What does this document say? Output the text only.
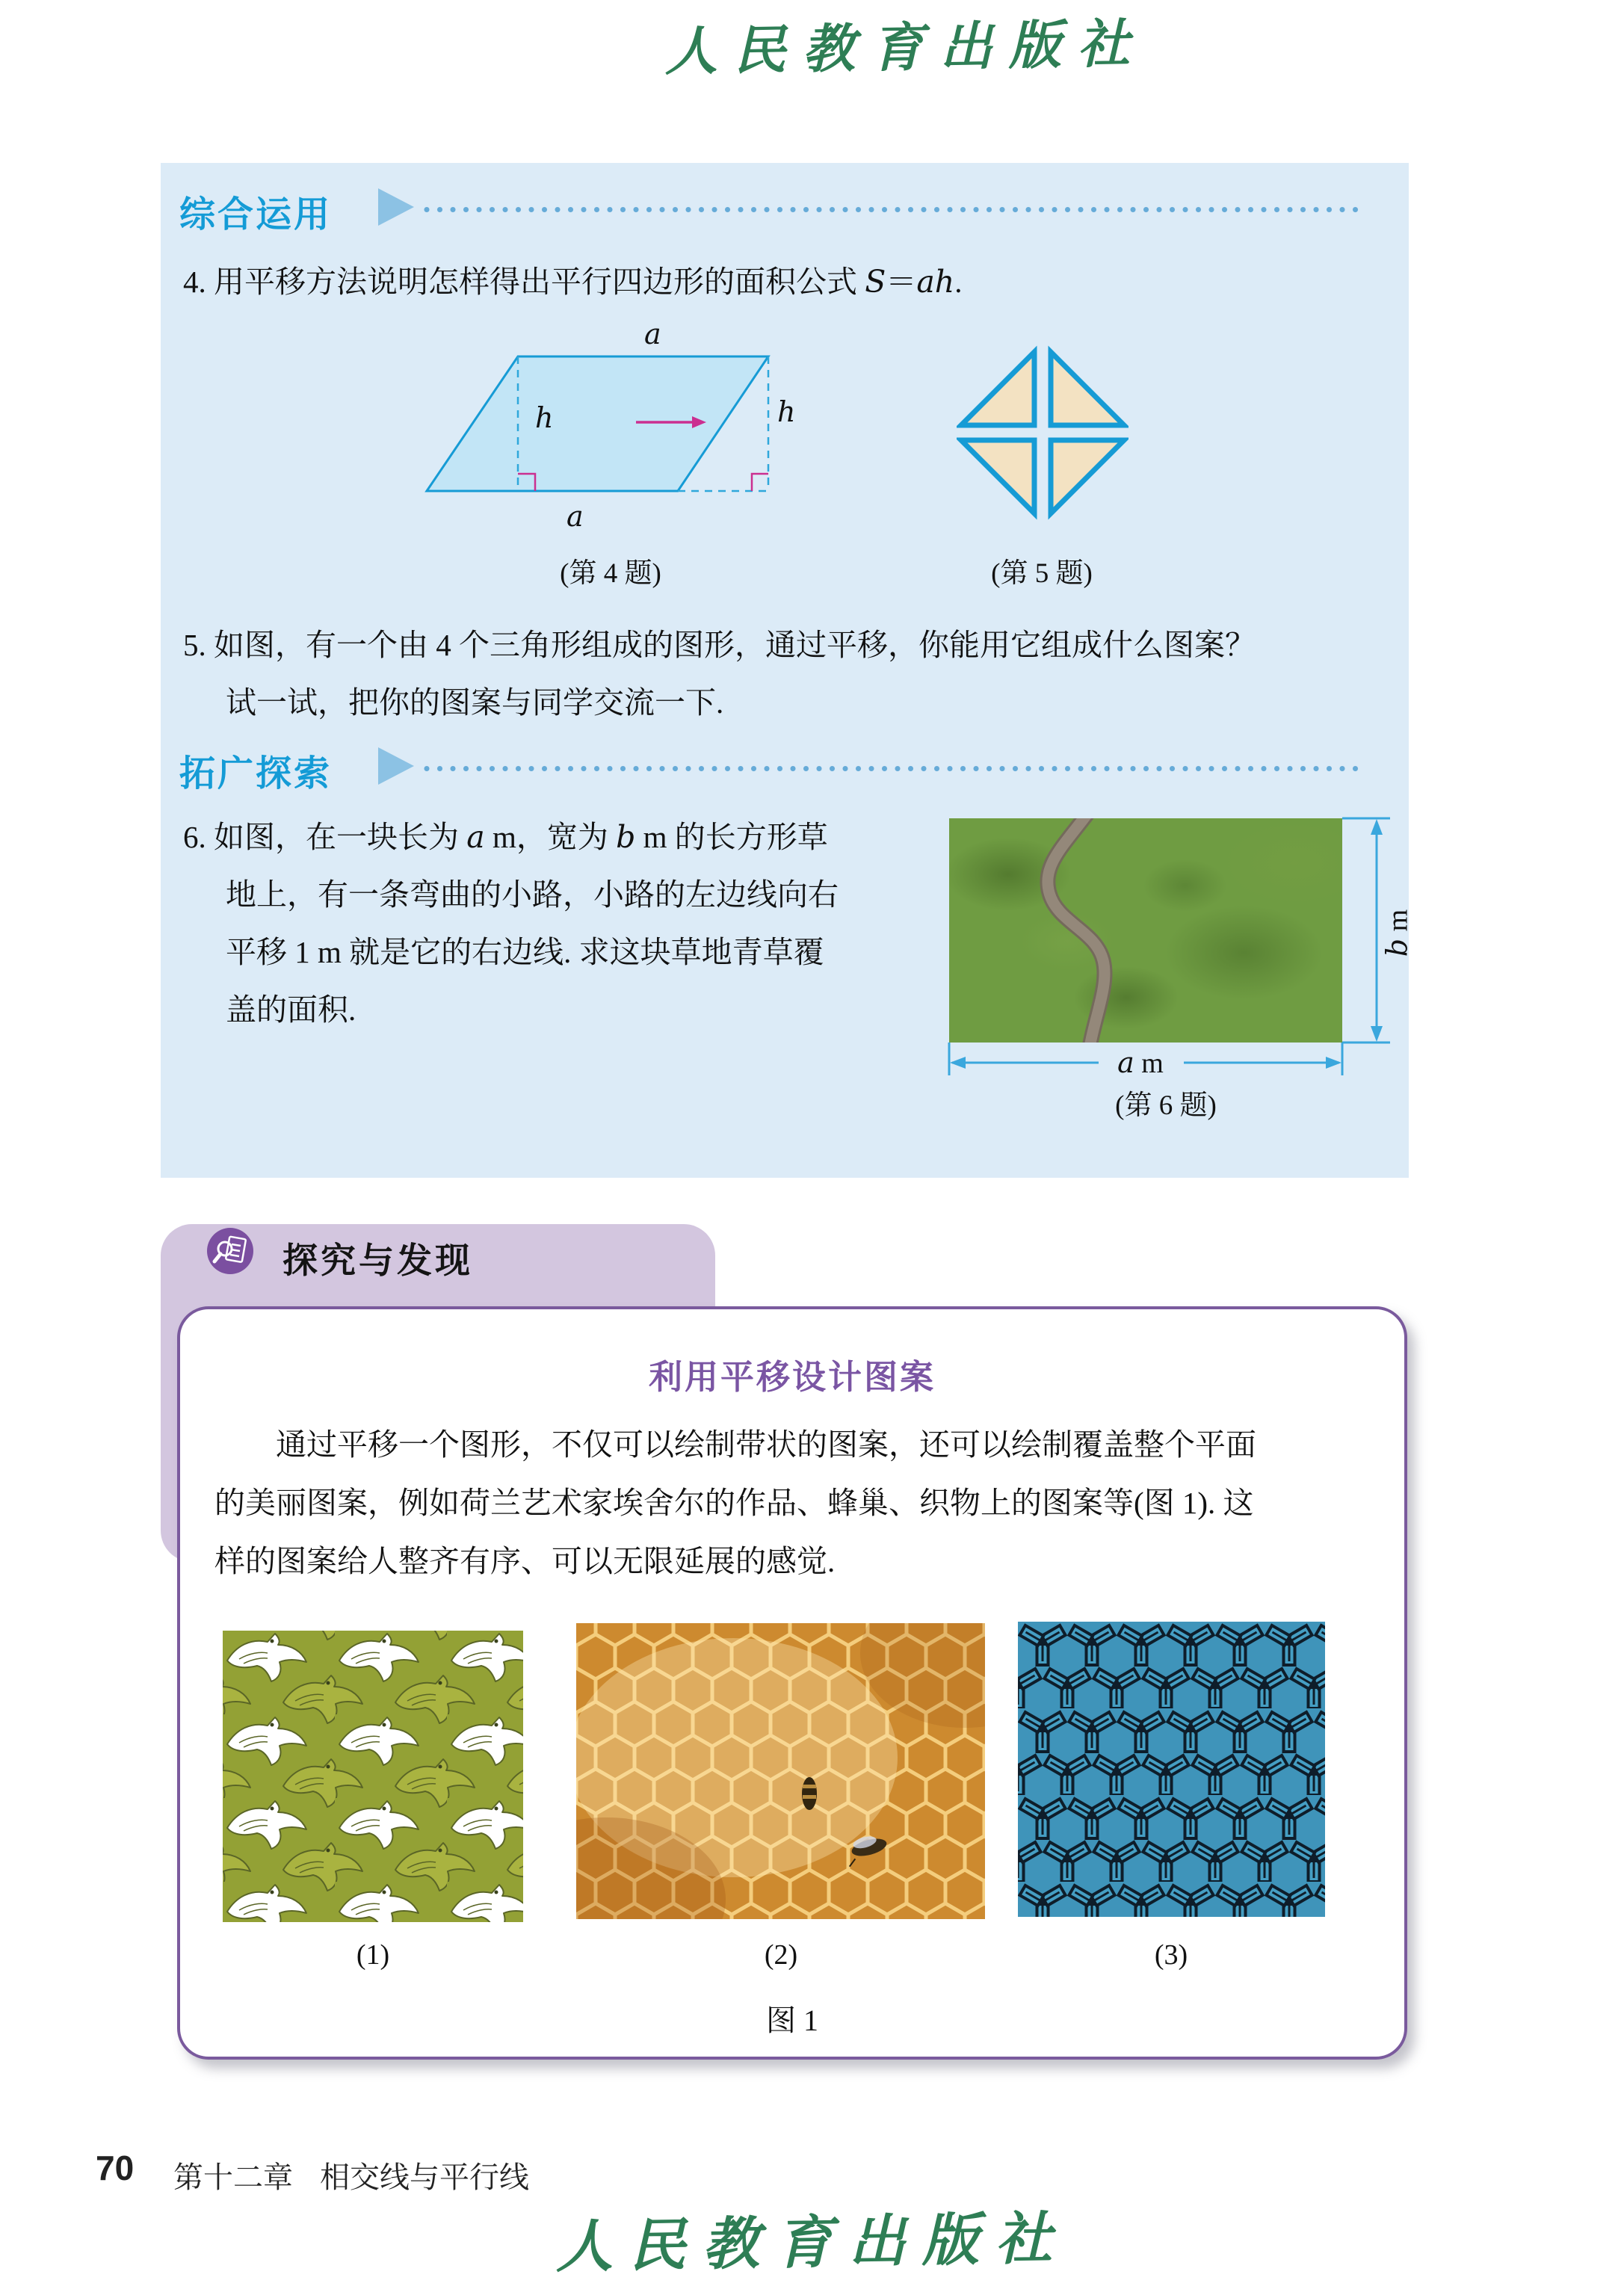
人民教育出版社
综合运用
4. 用平移方法说明怎样得出平行四边形的面积公式 S＝ah.
a
h	h
a
(第 4 题)	(第 5 题)
5. 如图，有一个由 4 个三角形组成的图形，通过平移，你能用它组成什么图案？
试一试，把你的图案与同学交流一下.
拓广探索
6. 如图，在一块长为 a m，宽为 b m 的长方形草
地上，有一条弯曲的小路，小路的左边线向右
平移 1 m 就是它的右边线. 求这块草地青草覆
盖的面积.
a m
b m
(第 6 题)
探究与发现
利用平移设计图案
通过平移一个图形，不仅可以绘制带状的图案，还可以绘制覆盖整个平面
的美丽图案，例如荷兰艺术家埃舍尔的作品、蜂巢、织物上的图案等(图 1). 这
样的图案给人整齐有序、可以无限延展的感觉.
(1)	(2)	(3)
图 1
70 第十二章 相交线与平行线
人民教育出版社
